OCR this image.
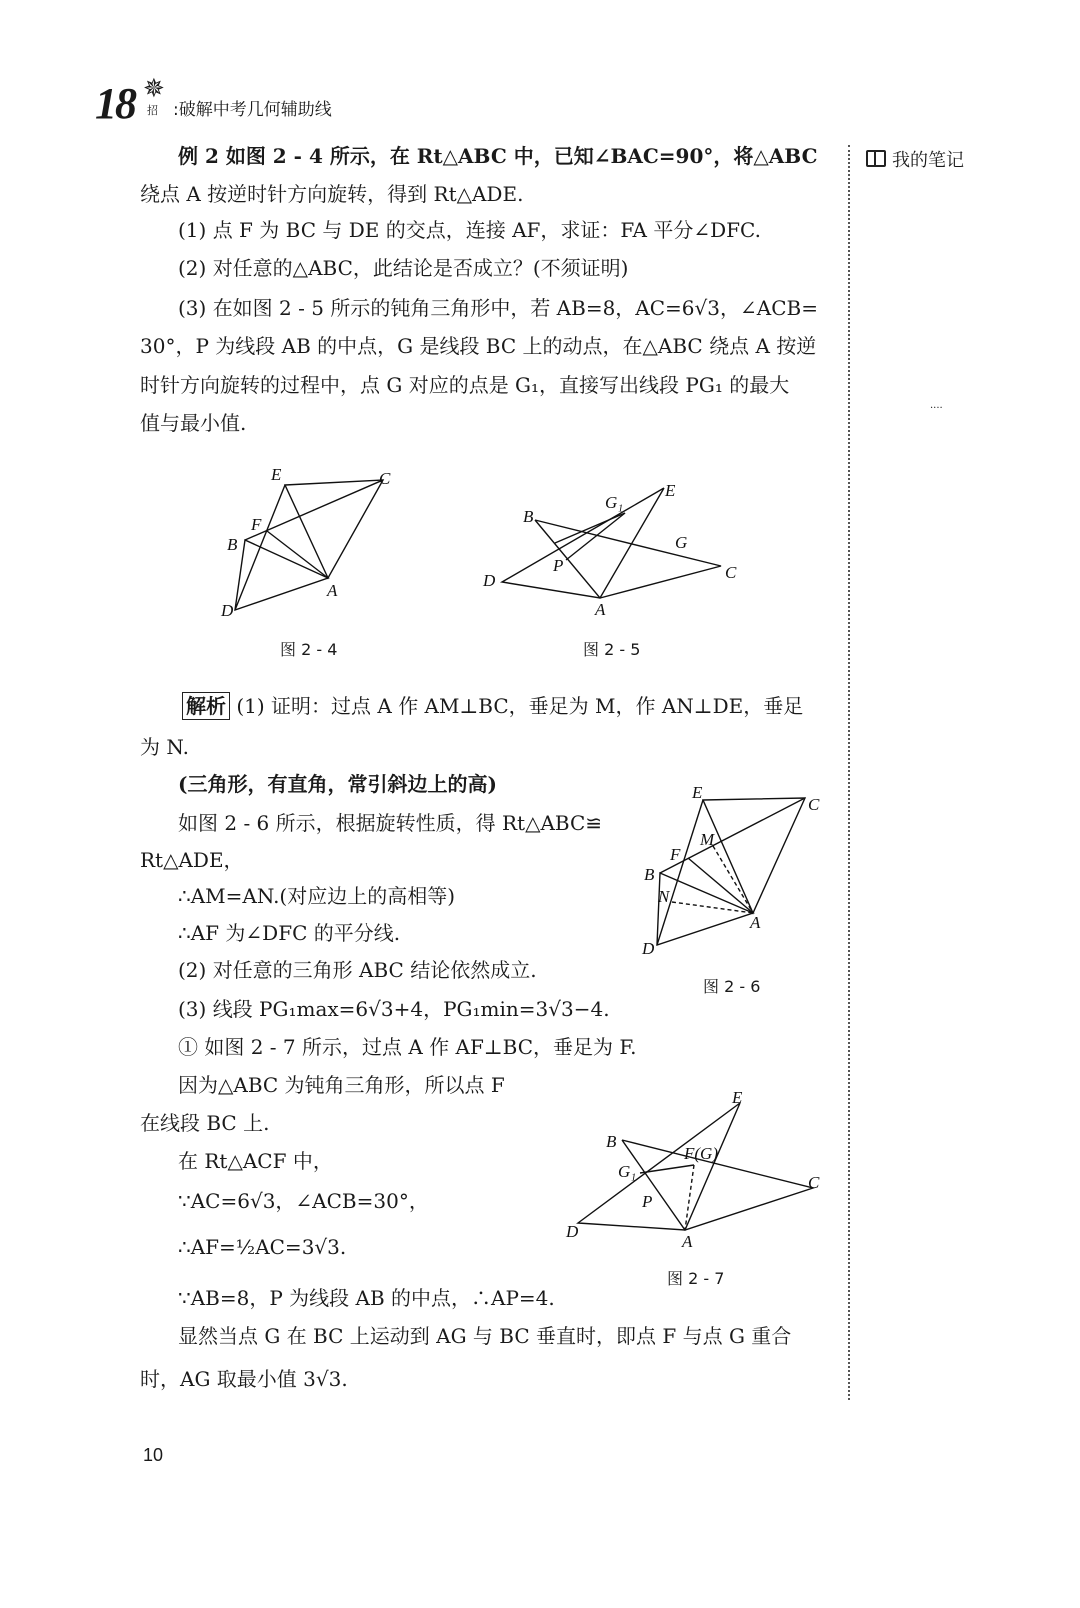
18 ✵
招 :破解中考几何辅助线
我的笔记
....
例 2 如图 2 - 4 所示，在 Rt△ABC 中，已知∠BAC=90°，将△ABC
绕点 A 按逆时针方向旋转，得到 Rt△ADE.
(1) 点 F 为 BC 与 DE 的交点，连接 AF，求证：FA 平分∠DFC.
(2) 对任意的△ABC，此结论是否成立？(不须证明)
(3) 在如图 2 - 5 所示的钝角三角形中，若 AB=8，AC=6√3，∠ACB=
30°，P 为线段 AB 的中点，G 是线段 BC 上的动点，在△ABC 绕点 A 按逆
时针方向旋转的过程中，点 G 对应的点是 G₁，直接写出线段 PG₁ 的最大
值与最小值.
E	C
F
B
A
D
图 2 - 4
G₁
E
B
G
P	C
D
A
图 2 - 5
解析 (1) 证明：过点 A 作 AM⊥BC，垂足为 M，作 AN⊥DE，垂足
为 N.
(三角形，有直角，常引斜边上的高)
如图 2 - 6 所示，根据旋转性质，得 Rt△ABC≌
Rt△ADE，
∴AM=AN.(对应边上的高相等)
∴AF 为∠DFC 的平分线.
(2) 对任意的三角形 ABC 结论依然成立.
(3) 线段 PG₁max=6√3+4，PG₁min=3√3−4.
① 如图 2 - 7 所示，过点 A 作 AF⊥BC，垂足为 F.
因为△ABC 为钝角三角形，所以点 F
在线段 BC 上.
在 Rt△ACF 中，
∵AC=6√3，∠ACB=30°，
∴AF=½AC=3√3.
∵AB=8，P 为线段 AB 的中点，∴AP=4.
显然当点 G 在 BC 上运动到 AG 与 BC 垂直时，即点 F 与点 G 重合
时，AG 取最小值 3√3.
E
C
M
F
B
N
A
D
图 2 - 6
E
B
F(G)
G₁
P
C
D
A
图 2 - 7
10
